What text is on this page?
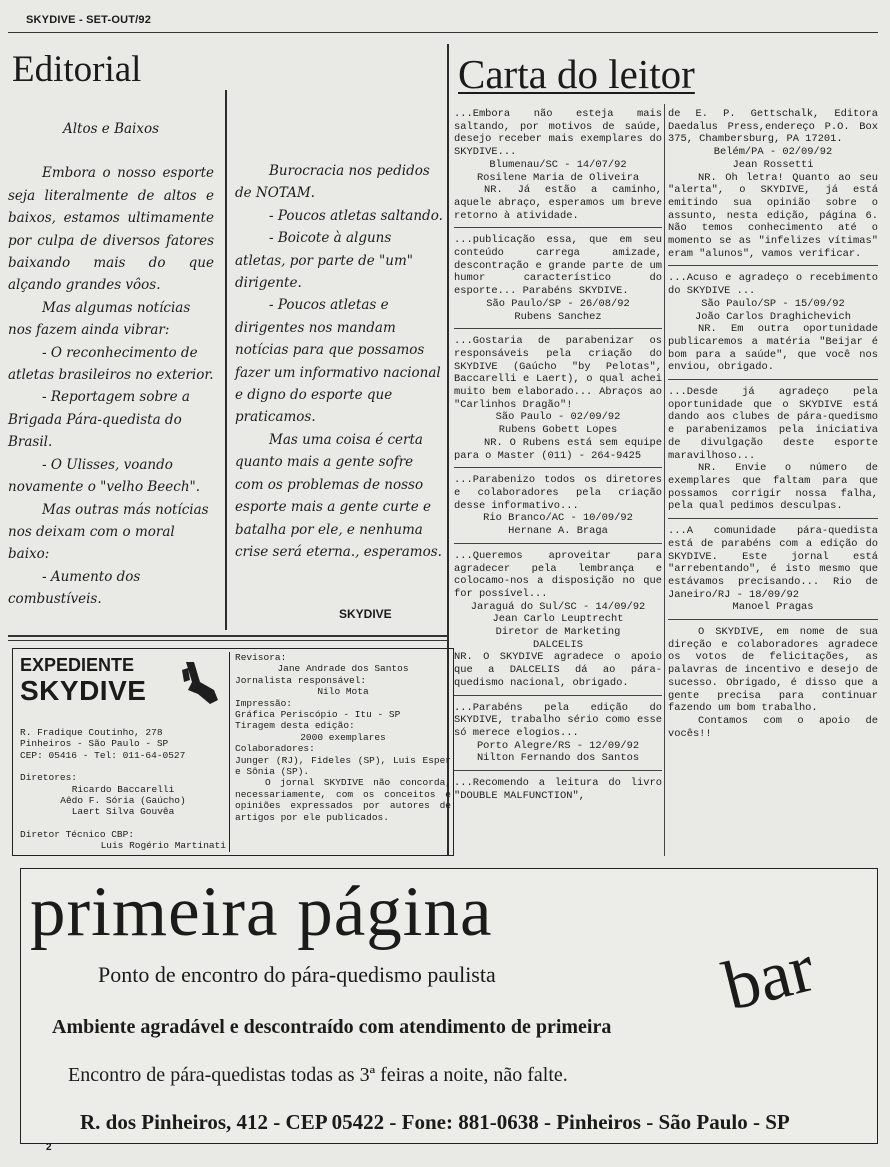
SKYDIVE - SET-OUT/92
Editorial

Altos e Baixos

Embora o nosso esporte seja literalmente de altos e baixos, estamos ultimamente por culpa de diversos fatores baixando mais do que alçando grandes vôos.

Mas algumas notícias nos fazem ainda vibrar:

- O reconhecimento de atletas brasileiros no exterior.

- Reportagem sobre a Brigada Pára-quedista do Brasil.

- O Ulisses, voando novamente o "velho Beech".

Mas outras más notícias nos deixam com o moral baixo:

- Aumento dos combustíveis.

Burocracia nos pedidos de NOTAM.

- Poucos atletas saltando.

- Boicote à alguns atletas, por parte de "um" dirigente.

- Poucos atletas e dirigentes nos mandam notícias para que possamos fazer um informativo nacional e digno do esporte que praticamos.

Mas uma coisa é certa quanto mais a gente sofre com os problemas de nosso esporte mais a gente curte e batalha por ele, e nenhuma crise será eterna., esperamos.

SKYDIVE
Carta do leitor

...Embora não esteja mais saltando, por motivos de saúde, desejo receber mais exemplares do SKYDIVE...

Blumenau/SC - 14/07/92

Rosilene Maria de Oliveira

NR. Já estão a caminho, aquele abraço, esperamos um breve retorno à atividade.

...publicação essa, que em seu conteúdo carrega amizade, descontração e grande parte de um humor característico do esporte... Parabéns SKYDIVE.

São Paulo/SP - 26/08/92

Rubens Sanchez

...Gostaria de parabenizar os responsáveis pela criação do SKYDIVE (Gaúcho "by Pelotas", Baccarelli e Laert), o qual achei muito bem elaborado... Abraços ao "Carlinhos Dragão"!

São Paulo - 02/09/92

Rubens Gobett Lopes

NR. O Rubens está sem equipe para o Master (011) - 264-9425

...Parabenizo todos os diretores e colaboradores pela criação desse informativo...

Rio Branco/AC - 10/09/92

Hernane A. Braga

...Queremos aproveitar para agradecer pela lembrança e colocamo-nos a disposição no que for possível...

Jaraguá do Sul/SC - 14/09/92

Jean Carlo Leuptrecht

Diretor de Marketing

DALCELIS

NR. O SKYDIVE agradece o apoio que a DALCELIS dá ao pára-quedismo nacional, obrigado.

...Parabéns pela edição do SKYDIVE, trabalho sério como esse só merece elogios...

Porto Alegre/RS - 12/09/92

Nilton Fernando dos Santos

...Recomendo a leitura do livro "DOUBLE MALFUNCTION",

de E. P. Gettschalk, Editora Daedalus Press,endereço P.O. Box 375, Chambersburg, PA 17201.

Belém/PA - 02/09/92

Jean Rossetti

NR. Oh letra! Quanto ao seu "alerta", o SKYDIVE, já está emitindo sua opinião sobre o assunto, nesta edição, página 6. Não temos conhecimento até o momento se as "infelizes vítimas" eram "alunos", vamos verificar.

...Acuso e agradeço o recebimento do SKYDIVE ...

São Paulo/SP - 15/09/92

João Carlos Draghichevich

NR. Em outra oportunidade publicaremos a matéria "Beijar é bom para a saúde", que você nos enviou, obrigado.

...Desde já agradeço pela oportunidade que o SKYDIVE está dando aos clubes de pára-quedismo e parabenizamos pela iniciativa de divulgação deste esporte maravilhoso...

NR. Envie o número de exemplares que faltam para que possamos corrigir nossa falha, pela qual pedimos desculpas.

...A comunidade pára-quedista está de parabéns com a edição do SKYDIVE. Este jornal está "arrebentando", é isto mesmo que estávamos precisando... Rio de Janeiro/RJ - 18/09/92

Manoel Pragas

O SKYDIVE, em nome de sua direção e colaboradores agradece os votos de felicitações, as palavras de incentivo e desejo de sucesso. Obrigado, é disso que a gente precisa para continuar fazendo um bom trabalho.

Contamos com o apoio de vocês!!

EXPEDIENTE
SKYDIVE

R. Fradique Coutinho, 278

Pinheiros - São Paulo - SP

CEP: 05416 - Tel: 011-64-0527

Diretores:

Ricardo Baccarelli

Aêdo F. Sória (Gaúcho)

Laert Silva Gouvêa

Diretor Técnico CBP:

Luis Rogério Martinati

Revisora:

Jane Andrade dos Santos

Jornalista responsável:

Nilo Mota

Impressão:

Gráfica Periscópio - Itu - SP

Tiragem desta edição:

2000 exemplares

Colaboradores:

Junger (RJ), Fideles (SP), Luis Esper e Sônia (SP).

O jornal SKYDIVE não concorda, necessariamente, com os conceitos e opiniões expressados por autores de artigos por ele publicados.

primeira página
bar
Ponto de encontro do pára-quedismo paulista
Ambiente agradável e descontraído com atendimento de primeira
Encontro de pára-quedistas todas as 3ª feiras a noite, não falte.
R. dos Pinheiros, 412 - CEP 05422 - Fone: 881-0638 - Pinheiros - São Paulo - SP
2
